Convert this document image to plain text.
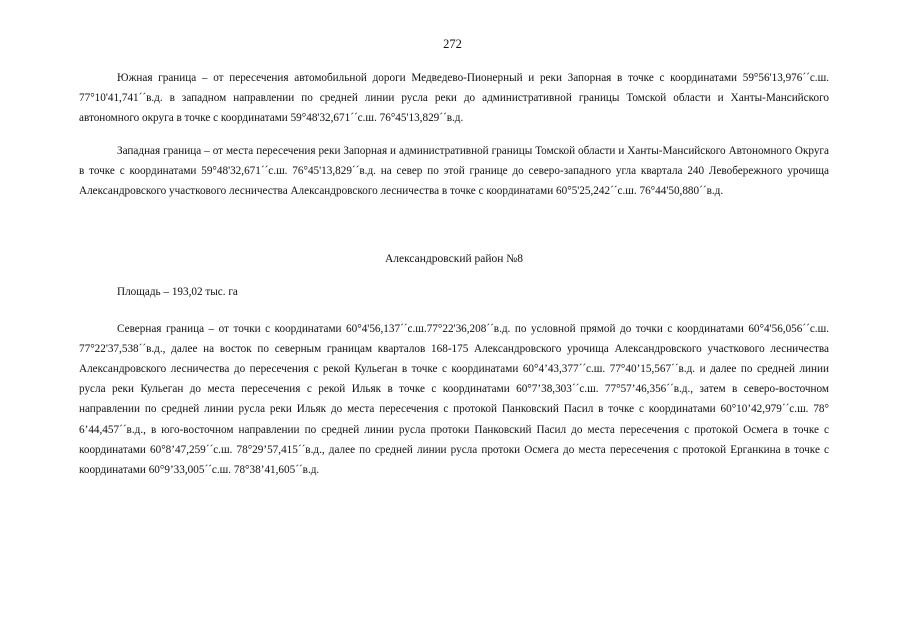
272

Южная граница – от пересечения автомобильной дороги Медведево-Пионерный и реки Запорная в точке с координатами 59°56'13,976´´с.ш. 77°10'41,741´´в.д. в западном направлении по средней линии русла реки до административной границы Томской области и Ханты-Мансийского автономного округа в точке с координатами 59°48'32,671´´с.ш. 76°45'13,829´´в.д.

Западная граница – от места пересечения реки Запорная и административной границы Томской области и Ханты-Мансийского Автономного Округа в точке с координатами 59°48'32,671´´с.ш. 76°45'13,829´´в.д. на север по этой границе до северо-западного угла квартала 240 Левобережного урочища Александровского участкового лесничества Александровского лесничества в точке с координатами 60°5'25,242´´с.ш. 76°44'50,880´´в.д.

Александровский район №8

Площадь – 193,02 тыс. га

Северная граница – от точки с координатами 60°4'56,137´´с.ш.77°22'36,208´´в.д. по условной прямой до точки с координатами 60°4'56,056´´с.ш. 77°22'37,538´´в.д., далее на восток по северным границам кварталов 168-175 Александровского урочища Александровского участкового лесничества Александровского лесничества до пересечения с рекой Кульеган в точке с координатами 60°4’43,377´´с.ш. 77°40’15,567´´в.д. и далее по средней линии русла реки Кульеган до места пересечения с рекой Ильяк в точке с координатами 60°7’38,303´´с.ш. 77°57’46,356´´в.д., затем в северо-восточном направлении по средней линии русла реки Ильяк до места пересечения с протокой Панковский Пасил в точке с координатами 60°10’42,979´´с.ш. 78° 6’44,457´´в.д., в юго-восточном направлении по средней линии русла протоки Панковский Пасил до места пересечения с протокой Осмега в точке с координатами 60°8’47,259´´с.ш. 78°29’57,415´´в.д., далее по средней линии русла протоки Осмега до места пересечения с протокой Ерганкина в точке с координатами 60°9’33,005´´с.ш. 78°38’41,605´´в.д.
